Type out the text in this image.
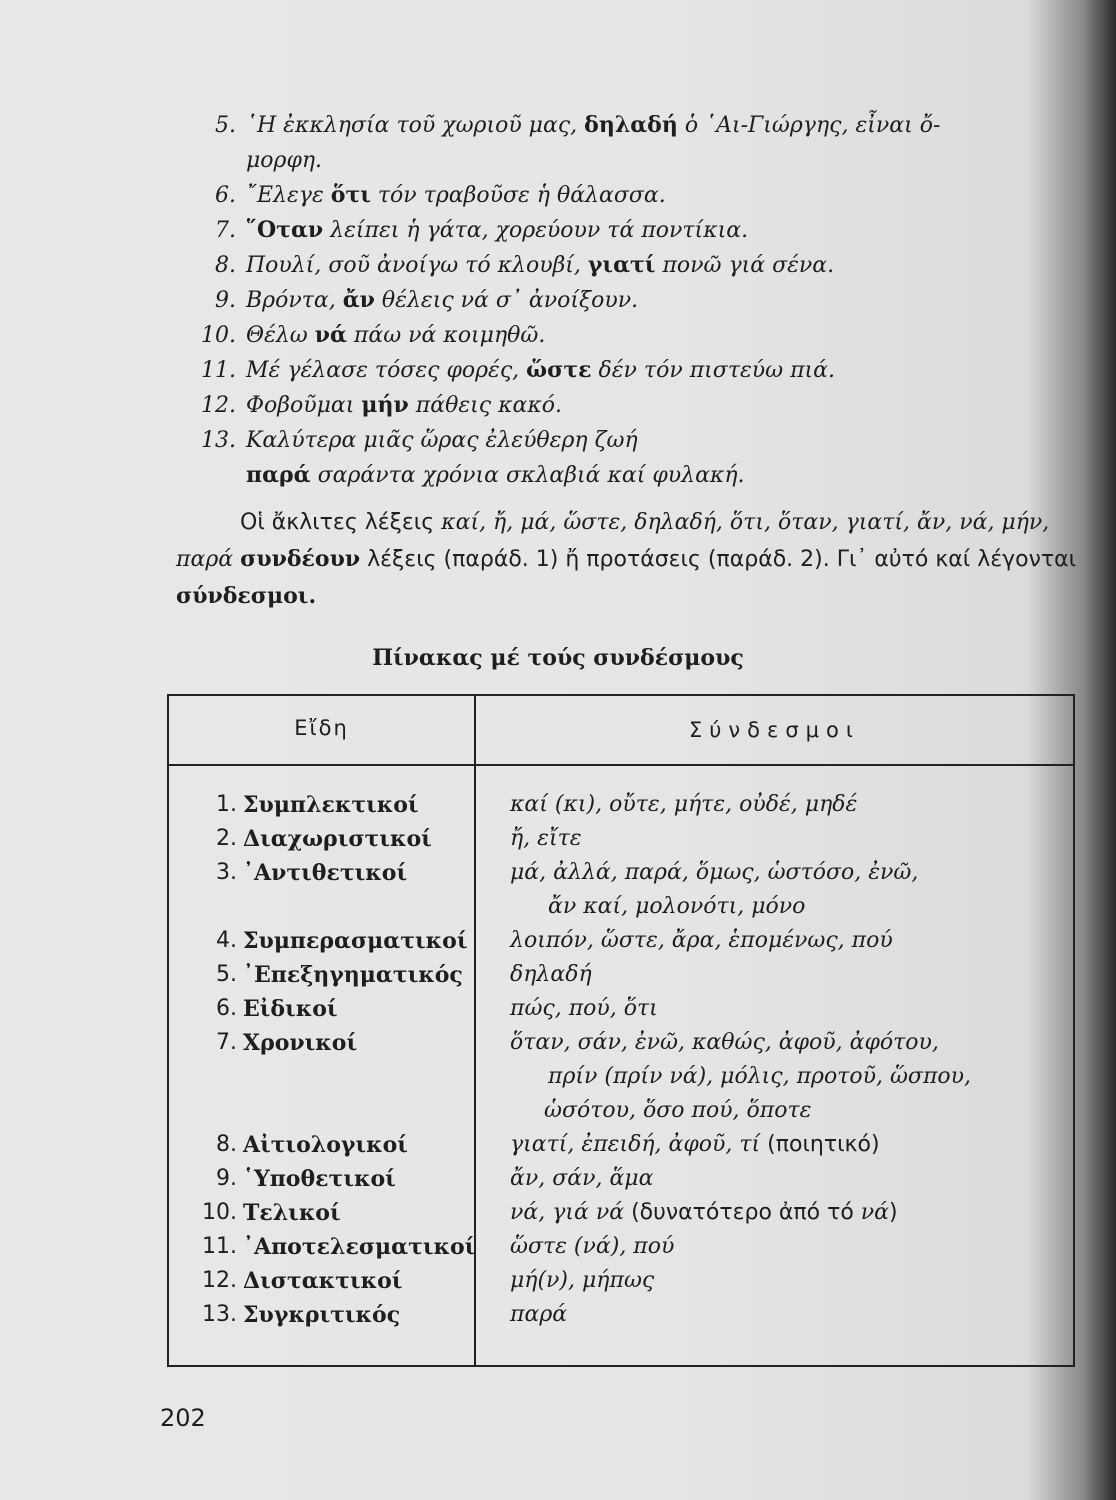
5. ῾Η ἐκκλησία τοῦ χωριοῦ μας, δηλαδή ὁ ῾Αι-Γιώργης, εἶναι ὄ-
μορφη.
6. ῎Ελεγε ὅτι τόν τραβοῦσε ἡ θάλασσα.
7. ῞Οταν λείπει ἡ γάτα, χορεύουν τά ποντίκια.
8. Πουλί, σοῦ ἀνοίγω τό κλουβί, γιατί πονῶ γιά σένα.
9. Βρόντα, ἄν θέλεις νά σ᾿ ἀνοίξουν.
10. Θέλω νά πάω νά κοιμηθῶ.
11. Μέ γέλασε τόσες φορές, ὥστε δέν τόν πιστεύω πιά.
12. Φοβοῦμαι μήν πάθεις κακό.
13. Καλύτερα μιᾶς ὥρας ἐλεύθερη ζωή
παρά σαράντα χρόνια σκλαβιά καί φυλακή.

Οἱ ἄκλιτες λέξεις καί, ἤ, μά, ὥστε, δηλαδή, ὅτι, ὅταν, γιατί, ἄν, νά, μήν, παρά συνδέουν λέξεις (παράδ. 1) ἤ προτάσεις (παράδ. 2). Γι᾿ αὐτό καί λέγονται σύνδεσμοι.

Πίνακας μέ τούς συνδέσμους
Εἴδη	Σύνδεσμοι
1. Συμπλεκτικοί	καί (κι), οὔτε, μήτε, οὐδέ, μηδέ
2. Διαχωριστικοί	ἤ, εἴτε
3. ᾿Αντιθετικοί	μά, ἀλλά, παρά, ὅμως, ὡστόσο, ἐνῶ,
ἄν καί, μολονότι, μόνο
4. Συμπερασματικοί	λοιπόν, ὥστε, ἄρα, ἑπομένως, πού
5. ᾿Επεξηγηματικός	δηλαδή
6. Εἰδικοί	πώς, πού, ὅτι
7. Χρονικοί	ὅταν, σάν, ἐνῶ, καθώς, ἀφοῦ, ἀφότου,
πρίν (πρίν νά), μόλις, προτοῦ, ὥσπου,
ὡσότου, ὅσο πού, ὅποτε
8. Αἰτιολογικοί	γιατί, ἐπειδή, ἀφοῦ, τί (ποιητικό)
9. ῾Υποθετικοί	ἄν, σάν, ἅμα
10. Τελικοί	νά, γιά νά (δυνατότερο ἀπό τό νά)
11. ᾿Αποτελεσματικοί	ὥστε (νά), πού
12. Διστακτικοί	μή(ν), μήπως
13. Συγκριτικός	παρά
202
